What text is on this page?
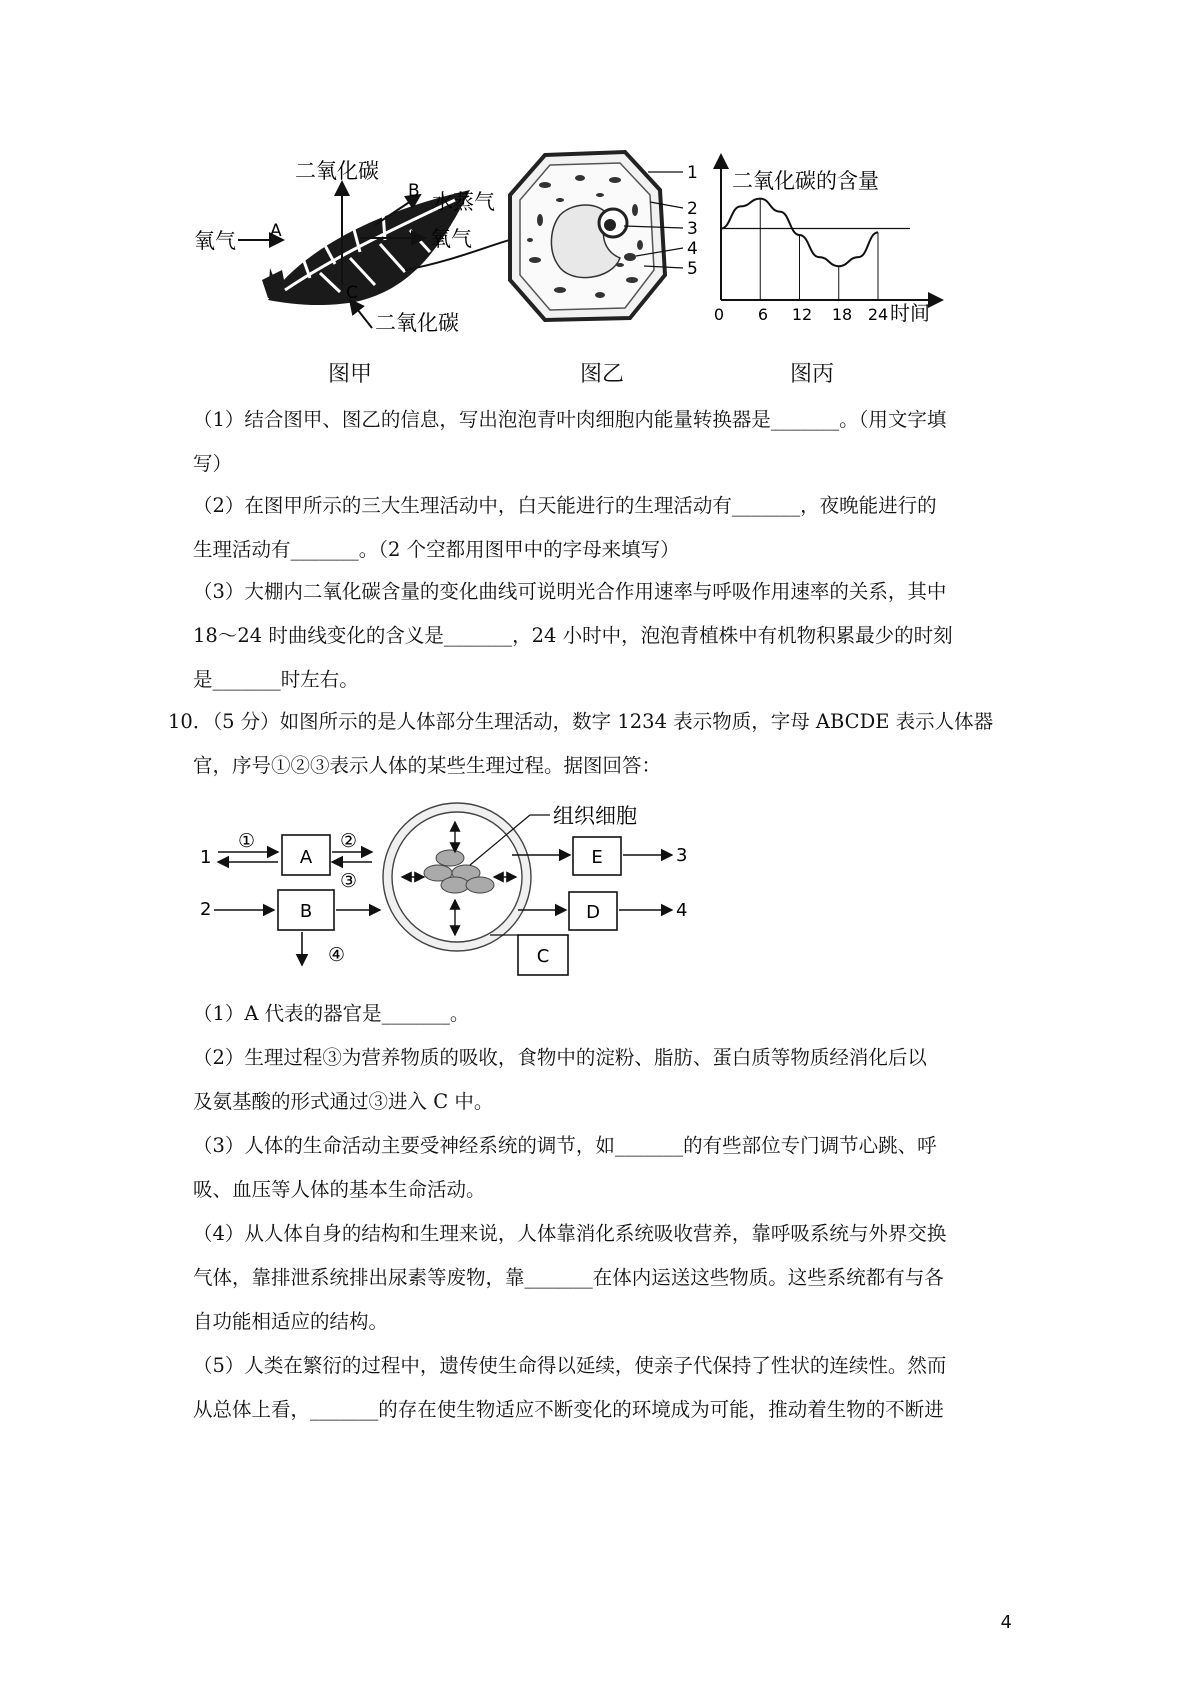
二氧化碳
B 水蒸气
氧气 A	氧气
C
二氧化碳
1
2
3
4
5
二氧化碳的含量
0 6 12 18 24 时间
图甲	图乙	图丙
（1）结合图甲、图乙的信息，写出泡泡青叶肉细胞内能量转换器是_______。（用文字填
写）
（2）在图甲所示的三大生理活动中，白天能进行的生理活动有_______，夜晚能进行的
生理活动有_______。（2 个空都用图甲中的字母来填写）
（3）大棚内二氧化碳含量的变化曲线可说明光合作用速率与呼吸作用速率的关系，其中
18～24 时曲线变化的含义是_______，24 小时中，泡泡青植株中有机物积累最少的时刻
是_______时左右。
10．（5 分）如图所示的是人体部分生理活动，数字 1234 表示物质，字母 ABCDE 表示人体器
官，序号①②③表示人体的某些生理过程。据图回答：
1
①
A
②
③
2	B
④
组织细胞
E	3
D	4
C
（1）A 代表的器官是_______。
（2）生理过程③为营养物质的吸收，食物中的淀粉、脂肪、蛋白质等物质经消化后以
及氨基酸的形式通过③进入 C 中。
（3）人体的生命活动主要受神经系统的调节，如_______的有些部位专门调节心跳、呼
吸、血压等人体的基本生命活动。
（4）从人体自身的结构和生理来说，人体靠消化系统吸收营养，靠呼吸系统与外界交换
气体，靠排泄系统排出尿素等废物，靠_______在体内运送这些物质。这些系统都有与各
自功能相适应的结构。
（5）人类在繁衍的过程中，遗传使生命得以延续，使亲子代保持了性状的连续性。然而
从总体上看，_______的存在使生物适应不断变化的环境成为可能，推动着生物的不断进
4
